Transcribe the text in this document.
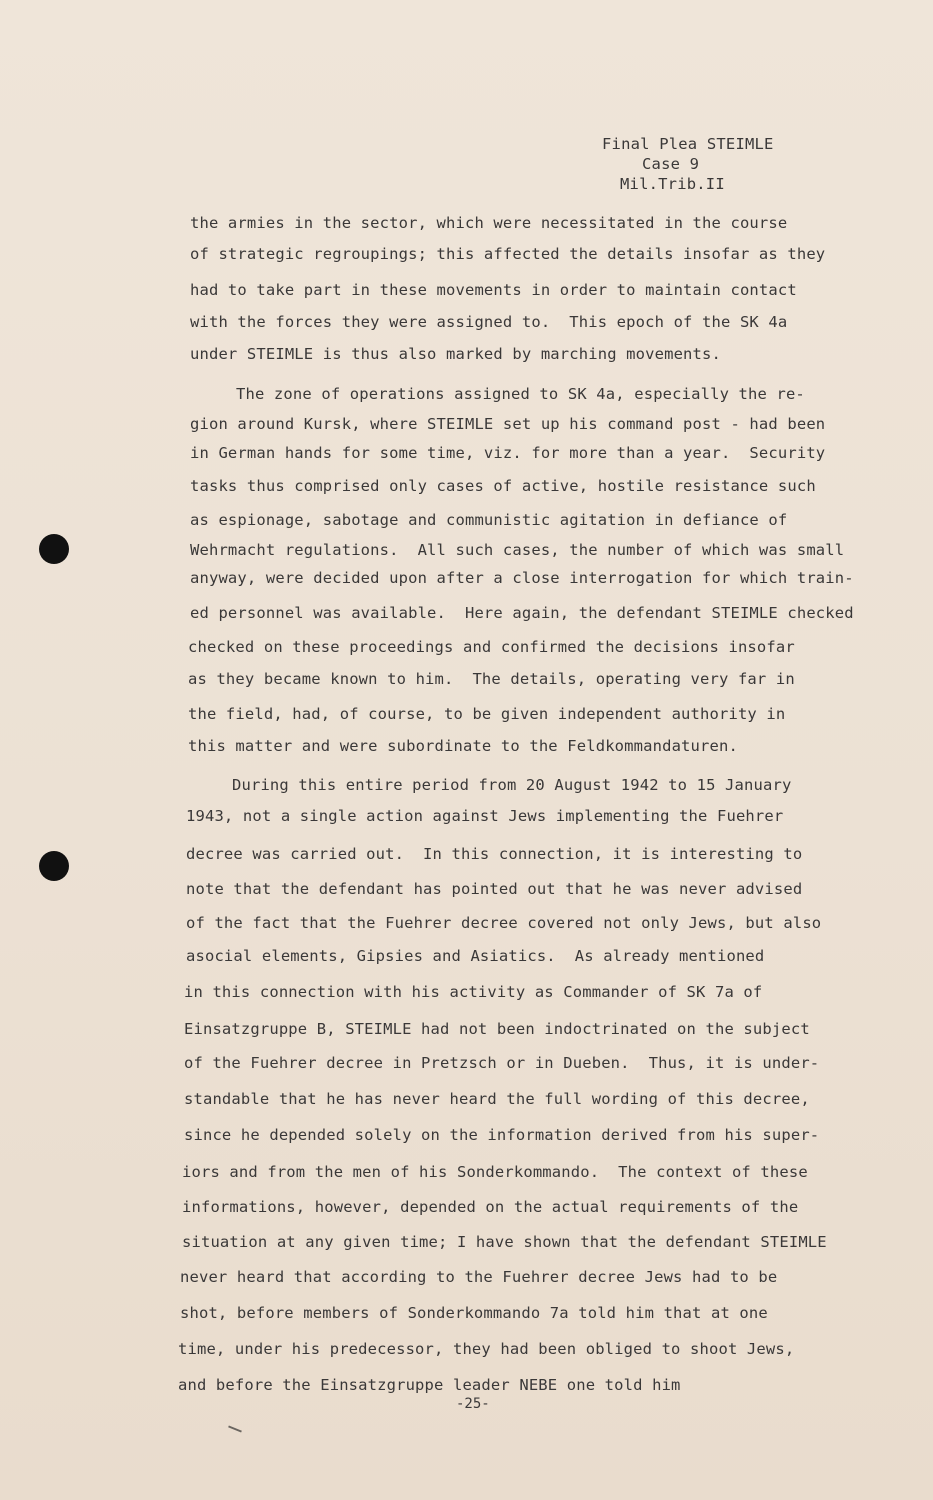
Final Plea STEIMLE
Case 9
Mil.Trib.II
the armies in the sector, which were necessitated in the course
of strategic regroupings; this affected the details insofar as they
had to take part in these movements in order to maintain contact
with the forces they were assigned to.  This epoch of the SK 4a
under STEIMLE is thus also marked by marching movements.
The zone of operations assigned to SK 4a, especially the re-
gion around Kursk, where STEIMLE set up his command post - had been
in German hands for some time, viz. for more than a year.  Security
tasks thus comprised only cases of active, hostile resistance such
as espionage, sabotage and communistic agitation in defiance of
Wehrmacht regulations.  All such cases, the number of which was small
anyway, were decided upon after a close interrogation for which train-
ed personnel was available.  Here again, the defendant STEIMLE checked
checked on these proceedings and confirmed the decisions insofar
as they became known to him.  The details, operating very far in
the field, had, of course, to be given independent authority in
this matter and were subordinate to the Feldkommandaturen.
During this entire period from 20 August 1942 to 15 January
1943, not a single action against Jews implementing the Fuehrer
decree was carried out.  In this connection, it is interesting to
note that the defendant has pointed out that he was never advised
of the fact that the Fuehrer decree covered not only Jews, but also
asocial elements, Gipsies and Asiatics.  As already mentioned
in this connection with his activity as Commander of SK 7a of
Einsatzgruppe B, STEIMLE had not been indoctrinated on the subject
of the Fuehrer decree in Pretzsch or in Dueben.  Thus, it is under-
standable that he has never heard the full wording of this decree,
since he depended solely on the information derived from his super-
iors and from the men of his Sonderkommando.  The context of these
informations, however, depended on the actual requirements of the
situation at any given time; I have shown that the defendant STEIMLE
never heard that according to the Fuehrer decree Jews had to be
shot, before members of Sonderkommando 7a told him that at one
time, under his predecessor, they had been obliged to shoot Jews,
and before the Einsatzgruppe leader NEBE one told him
-25-
